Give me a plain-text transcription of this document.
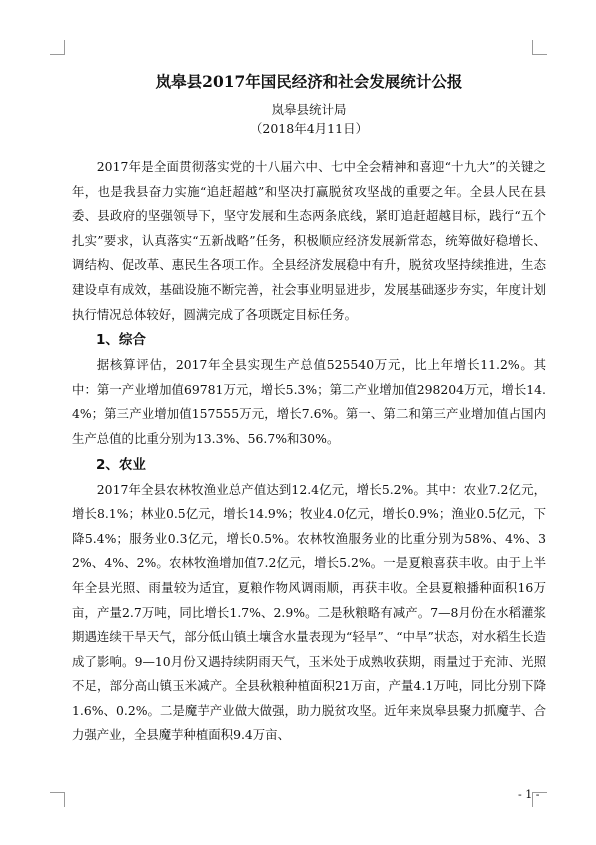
岚皋县2017年国民经济和社会发展统计公报
岚皋县统计局
（2018年4月11日）

2017年是全面贯彻落实党的十八届六中、七中全会精神和喜迎“十九大”的关键之年，也是我县奋力实施“追赶超越”和坚决打赢脱贫攻坚战的重要之年。全县人民在县委、县政府的坚强领导下，坚守发展和生态两条底线，紧盯追赶超越目标，践行“五个扎实”要求，认真落实“五新战略”任务，积极顺应经济发展新常态，统筹做好稳增长、调结构、促改革、惠民生各项工作。全县经济发展稳中有升，脱贫攻坚持续推进，生态建设卓有成效，基础设施不断完善，社会事业明显进步，发展基础逐步夯实，年度计划执行情况总体较好，圆满完成了各项既定目标任务。

1、综合

据核算评估，2017年全县实现生产总值525540万元，比上年增长11.2%。其中：第一产业增加值69781万元，增长5.3%；第二产业增加值298204万元，增长14.4%；第三产业增加值157555万元，增长7.6%。第一、第二和第三产业增加值占国内生产总值的比重分别为13.3%、56.7%和30%。

2、农业

2017年全县农林牧渔业总产值达到12.4亿元，增长5.2%。其中：农业7.2亿元，增长8.1%；林业0.5亿元，增长14.9%；牧业4.0亿元，增长0.9%；渔业0.5亿元，下降5.4%；服务业0.3亿元，增长0.5%。农林牧渔服务业的比重分别为58%、4%、32%、4%、2%。农林牧渔增加值7.2亿元，增长5.2%。一是夏粮喜获丰收。由于上半年全县光照、雨量较为适宜，夏粮作物风调雨顺，再获丰收。全县夏粮播种面积16万亩，产量2.7万吨，同比增长1.7%、2.9%。二是秋粮略有减产。7—8月份在水稻灌浆期遇连续干旱天气，部分低山镇土壤含水量表现为“轻旱”、“中旱”状态，对水稻生长造成了影响。9—10月份又遇持续阴雨天气，玉米处于成熟收获期，雨量过于充沛、光照不足，部分高山镇玉米减产。全县秋粮种植面积21万亩，产量4.1万吨，同比分别下降1.6%、0.2%。二是魔芋产业做大做强，助力脱贫攻坚。近年来岚皋县聚力抓魔芋、合力强产业，全县魔芋种植面积9.4万亩、

- 1 -
